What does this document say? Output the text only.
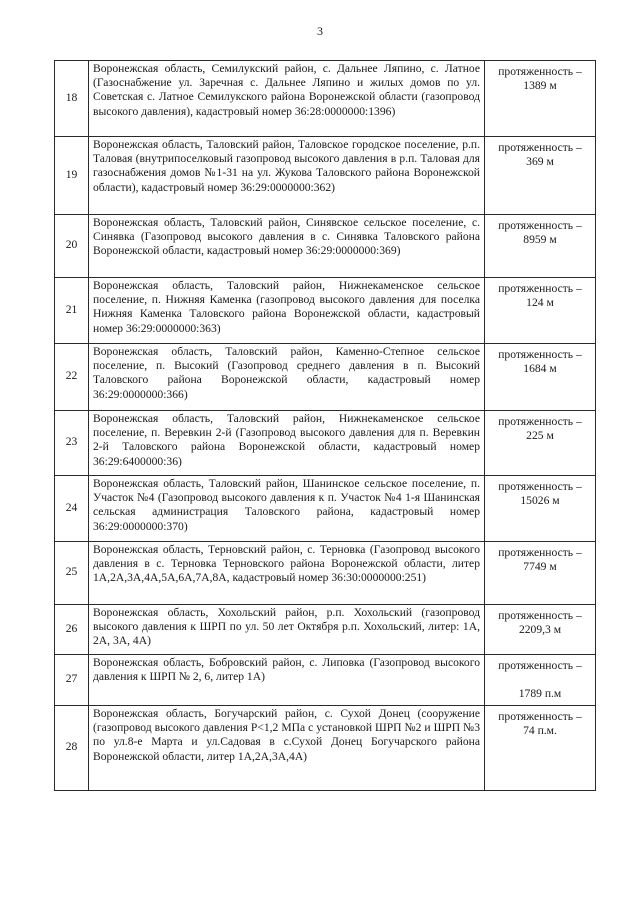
3
18	Воронежская область, Семилукский район, с. Дальнее Ляпино, с. Латное (Газоснабжение ул. Заречная с. Дальнее Ляпино и жилых домов по ул. Советская с. Латное Семилукского района Воронежской области (газопровод высокого давления), кадастровый номер 36:28:0000000:1396)	протяженность –
1389 м

19	Воронежская область, Таловский район, Таловское городское поселение, р.п. Таловая (внутрипоселковый газопровод высокого давления в р.п. Таловая для газоснабжения домов №1-31 на ул. Жукова Таловского района Воронежской области), кадастровый номер 36:29:0000000:362)	протяженность –
369 м

20	Воронежская область, Таловский район, Синявское сельское поселение, с. Синявка (Газопровод высокого давления в с. Синявка Таловского района Воронежской области, кадастровый номер 36:29:0000000:369)	протяженность –
8959 м

21	Воронежская область, Таловский район, Нижнекаменское сельское поселение, п. Нижняя Каменка (газопровод высокого давления для поселка Нижняя Каменка Таловского района Воронежской области, кадастровый номер 36:29:0000000:363)	протяженность –
124 м

22	Воронежская область, Таловский район, Каменно-Степное сельское поселение, п. Высокий (Газопровод среднего давления в п. Высокий Таловского района Воронежской области, кадастровый номер 36:29:0000000:366)	протяженность –
1684 м

23	Воронежская область, Таловский район, Нижнекаменское сельское поселение, п. Веревкин 2-й (Газопровод высокого давления для п. Веревкин 2-й Таловского района Воронежской области, кадастровый номер 36:29:6400000:36)	протяженность –
225 м

24	Воронежская область, Таловский район, Шанинское сельское поселение, п. Участок №4 (Газопровод высокого давления к п. Участок №4 1-я Шанинская сельская администрация Таловского района, кадастровый номер 36:29:0000000:370)	протяженность –
15026 м

25	Воронежская область, Терновский район, с. Терновка (Газопровод высокого давления в с. Терновка Терновского района Воронежской области, литер 1А,2А,3А,4А,5А,6А,7А,8А, кадастровый номер 36:30:0000000:251)	протяженность –
7749 м

26	Воронежская область, Хохольский район, р.п. Хохольский (газопровод высокого давления к ШРП по ул. 50 лет Октября р.п. Хохольский, литер: 1А, 2А, 3А, 4А)	протяженность –
2209,3 м

27	Воронежская область, Бобровский район, с. Липовка (Газопровод высокого давления к ШРП № 2, 6, литер 1А)	протяженность –
1789 п.м

28	Воронежская область, Богучарский район, с. Сухой Донец (сооружение (газопровод высокого давления Р<1,2 МПа с установкой ШРП №2 и ШРП №3 по ул.8-е Марта и ул.Садовая в с.Сухой Донец Богучарского района Воронежской области, литер 1А,2А,3А,4А)	протяженность –
74 п.м.
